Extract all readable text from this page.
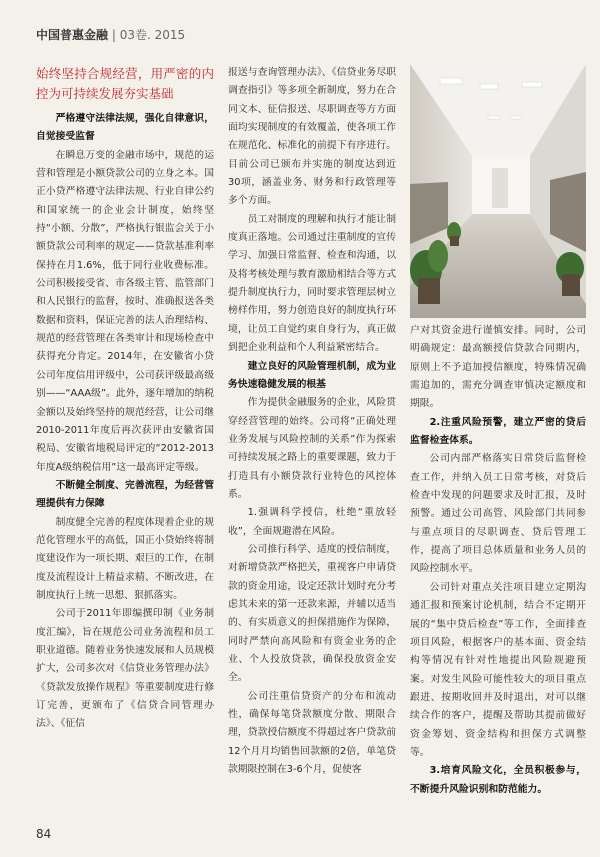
中国普惠金融 | 03卷. 2015

始终坚持合规经营，用严密的内控为可持续发展夯实基础

严格遵守法律法规，强化自律意识，自觉接受监督

在瞬息万变的金融市场中，规范的运营和管理是小额贷款公司的立身之本。国正小贷严格遵守法律法规、行业自律公约和国家统一的企业会计制度，始终坚持“小额、分散”，严格执行银监会关于小额贷款公司利率的规定——贷款基准利率保持在月1.6%，低于同行业收费标准。公司积极接受省、市各级主管、监管部门和人民银行的监督，按时、准确报送各类数据和资料，保证完善的法人治理结构、规范的经营管理在各类审计和现场检查中获得充分肯定。2014年，在安徽省小贷公司年度信用评级中，公司获评级最高级别——“AAA级”。此外，逐年增加的纳税金额以及始终坚持的规范经营，让公司继2010-2011年度后再次获评由安徽省国税局、安徽省地税局评定的“2012-2013年度A级纳税信用”这一最高评定等级。

不断健全制度、完善流程，为经营管理提供有力保障

制度健全完善的程度体现着企业的规范化管理水平的高低，国正小贷始终将制度建设作为一项长期、艰巨的工作，在制度及流程设计上精益求精、不断改进，在制度执行上统一思想、狠抓落实。

公司于2011年即编撰印制《业务制度汇编》，旨在规范公司业务流程和员工职业道德。随着业务快速发展和人员规模扩大，公司多次对《信贷业务管理办法》《贷款发放操作规程》等重要制度进行修订完善，更颁布了《信贷合同管理办法》、《征信

报送与查询管理办法》、《信贷业务尽职调查指引》等多项全新制度，努力在合同文本、征信报送、尽职调查等方方面面均实现制度的有效覆盖，使各项工作在规范化、标准化的前提下有序进行。目前公司已颁布并实施的制度达到近30项，涵盖业务、财务和行政管理等多个方面。

员工对制度的理解和执行才能让制度真正落地。公司通过注重制度的宣传学习、加强日常监督、检查和沟通，以及将考核处理与教育激励相结合等方式提升制度执行力，同时要求管理层树立榜样作用，努力创造良好的制度执行环境，让员工自觉约束自身行为，真正做到把企业利益和个人利益紧密结合。

建立良好的风险管理机制，成为业务快速稳健发展的根基

作为提供金融服务的企业，风险贯穿经营管理的始终。公司将“正确处理业务发展与风险控制的关系”作为探索可持续发展之路上的重要课题，致力于打造具有小额贷款行业特色的风控体系。

1.强调科学授信，杜绝“重放轻收”，全面规避潜在风险。

公司推行科学、适度的授信制度，对新增贷款严格把关，重视客户申请贷款的资金用途，设定还款计划时充分考虑其未来的第一还款来源，并辅以适当的、有实质意义的担保措施作为保障，同时严禁向高风险和有资金业务的企业、个人投放贷款，确保投放资金安全。

公司注重信贷资产的分布和流动性，确保每笔贷款额度分散、期限合理，贷款授信额度不得超过客户贷款前12个月月均销售回款额的2倍，单笔贷款期限控制在3-6个月，促使客

户对其资金进行谨慎安排。同时，公司明确规定：最高额授信贷款合同期内，原则上不予追加授信额度，特殊情况确需追加的，需充分调查审慎决定额度和期限。

2.注重风险预警，建立严密的贷后监督检查体系。

公司内部严格落实日常贷后监督检查工作，并纳入员工日常考核，对贷后检查中发现的问题要求及时汇报，及时预警。通过公司高管、风险部门共同参与重点项目的尽职调查、贷后管理工作，提高了项目总体质量和业务人员的风险控制水平。

公司针对重点关注项目建立定期沟通汇报和预案讨论机制，结合不定期开展的“集中贷后检查”等工作，全面排查项目风险，根据客户的基本面、资金结构等情况有针对性地提出风险规避预案。对发生风险可能性较大的项目重点跟进、按期收回并及时退出，对可以继续合作的客户，提醒及帮助其提前做好资金筹划、资金结构和担保方式调整等。

3.培育风险文化，全员积极参与，不断提升风险识别和防范能力。

84
